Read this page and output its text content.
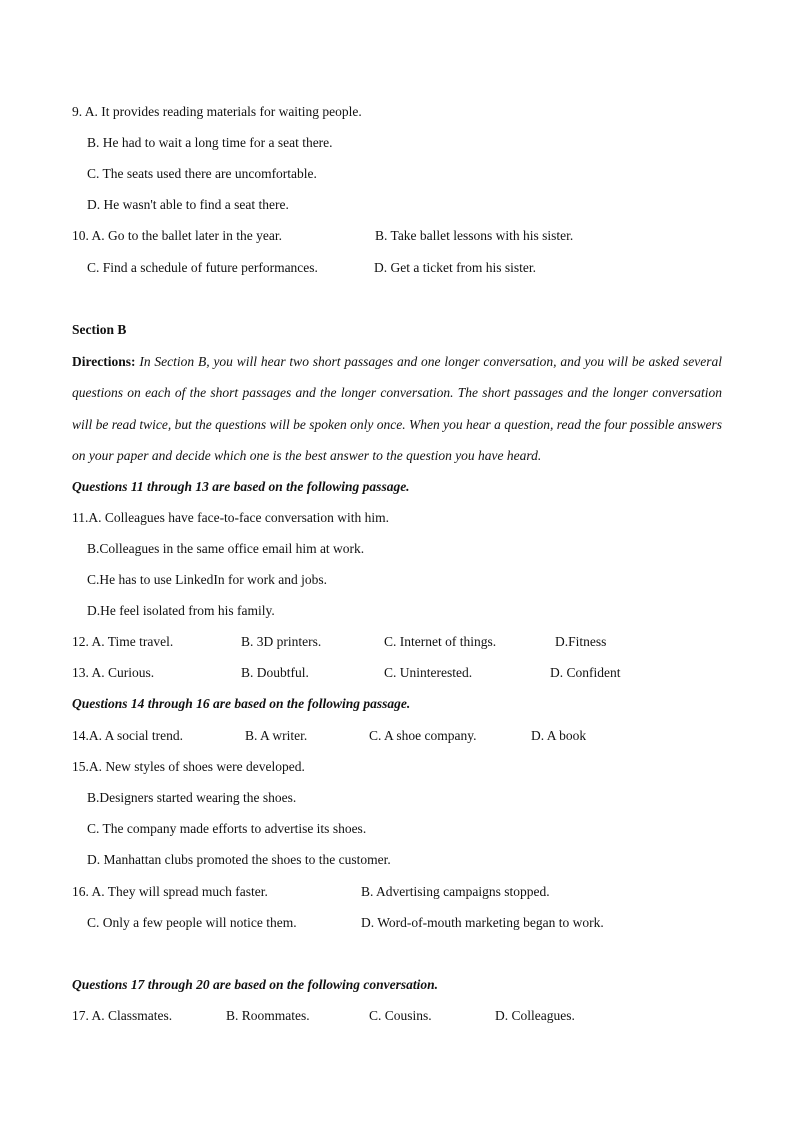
9. A. It provides reading materials for waiting people.
B. He had to wait a long time for a seat there.
C. The seats used there are uncomfortable.
D. He wasn't able to find a seat there.
10. A. Go to the ballet later in the year.	B. Take ballet lessons with his sister.
C. Find a schedule of future performances.	D. Get a ticket from his sister.
Section B
Directions: In Section B, you will hear two short passages and one longer conversation, and you will be asked several questions on each of the short passages and the longer conversation. The short passages and the longer conversation will be read twice, but the questions will be spoken only once. When you hear a question, read the four possible answers on your paper and decide which one is the best answer to the question you have heard.
Questions 11 through 13 are based on the following passage.
11.A. Colleagues have face-to-face conversation with him.
B.Colleagues in the same office email him at work.
C.He has to use LinkedIn for work and jobs.
D.He feel isolated from his family.
12. A. Time travel.	B. 3D printers.	C. Internet of things.	D.Fitness
13. A. Curious.	B. Doubtful.	C. Uninterested.	D. Confident
Questions 14 through 16 are based on the following passage.
14.A. A social trend.	B. A writer.	C. A shoe company.	D. A book
15.A. New styles of shoes were developed.
B.Designers started wearing the shoes.
C. The company made efforts to advertise its shoes.
D. Manhattan clubs promoted the shoes to the customer.
16. A. They will spread much faster.	B. Advertising campaigns stopped.
C. Only a few people will notice them.	D. Word-of-mouth marketing began to work.
Questions 17 through 20 are based on the following conversation.
17. A. Classmates.	B. Roommates.	C. Cousins.	D. Colleagues.
